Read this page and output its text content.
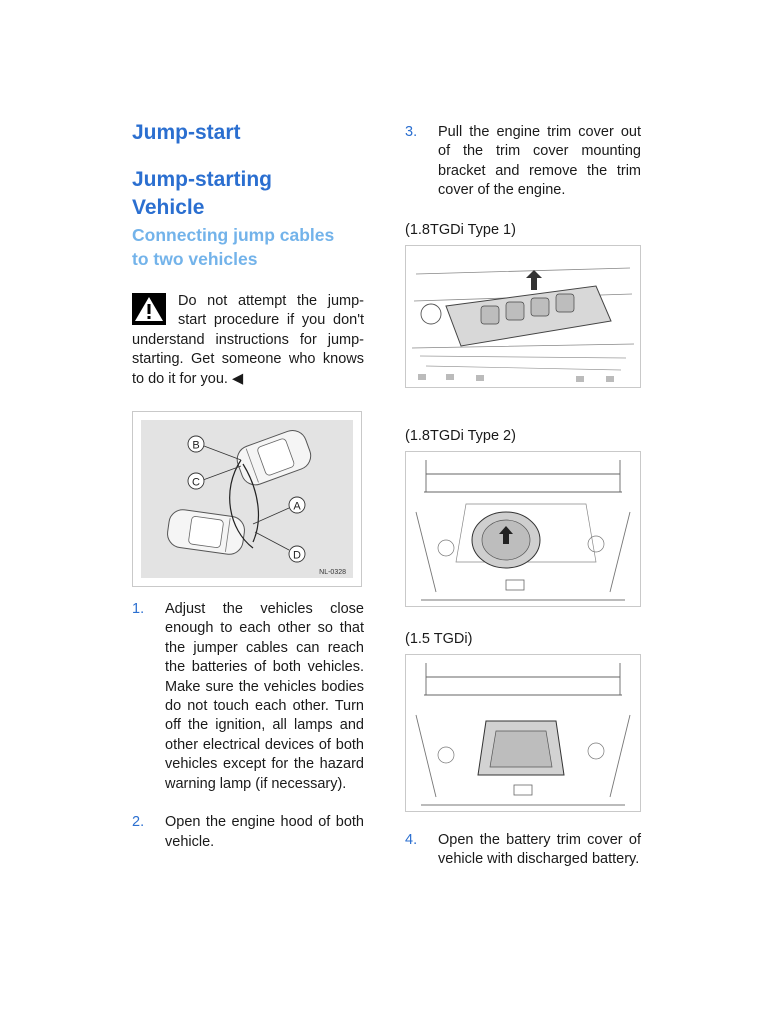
Jump-start
Jump-starting
Vehicle
Connecting jump cables
to two vehicles
Do not attempt the jump-start procedure if you don't understand instructions for jump-starting. Get someone who knows to do it for you. ◀
B
C
A
D
NL-0328
1.	Adjust the vehicles close enough to each other so that the jumper cables can reach the batteries of both vehicles. Make sure the vehicles bodies do not touch each other. Turn off the ignition, all lamps and other electrical devices of both vehicles except for the hazard warning lamp (if necessary).
2.	Open the engine hood of both vehicle.
3.	Pull the engine trim cover out of the trim cover mounting bracket and remove the trim cover of the engine.
(1.8TGDi Type 1)
(1.8TGDi Type 2)
(1.5 TGDi)
4.	Open the battery trim cover of vehicle with discharged battery.
